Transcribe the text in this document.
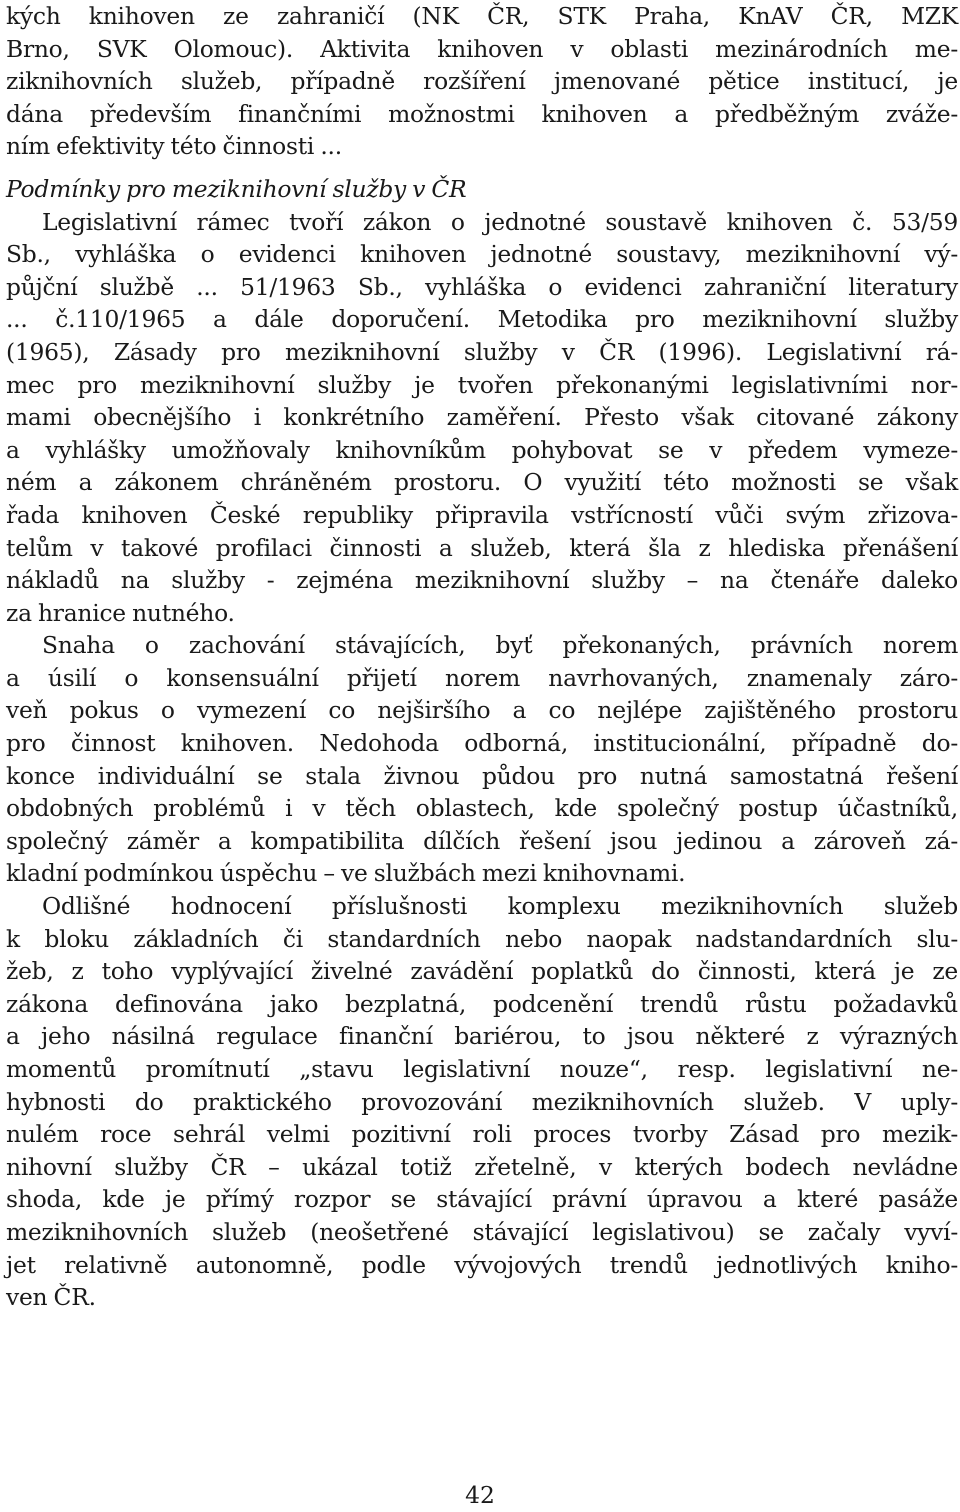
kých knihoven ze zahraničí (NK ČR, STK Praha, KnAV ČR, MZK
Brno, SVK Olomouc). Aktivita knihoven v oblasti mezinárodních me-
ziknihovních služeb, případně rozšíření jmenované pětice institucí, je
dána především finančními možnostmi knihoven a předběžným zváže-
ním efektivity této činnosti ...
Podmínky pro meziknihovní služby v ČR
Legislativní rámec tvoří zákon o jednotné soustavě knihoven č. 53/59
Sb., vyhláška o evidenci knihoven jednotné soustavy, meziknihovní vý-
půjční službě ... 51/1963 Sb., vyhláška o evidenci zahraniční literatury
... č.110/1965 a dále doporučení. Metodika pro meziknihovní služby
(1965), Zásady pro meziknihovní služby v ČR (1996). Legislativní rá-
mec pro meziknihovní služby je tvořen překonanými legislativními nor-
mami obecnějšího i konkrétního zaměření. Přesto však citované zákony
a vyhlášky umožňovaly knihovníkům pohybovat se v předem vymeze-
ném a zákonem chráněném prostoru. O využití této možnosti se však
řada knihoven České republiky připravila vstřícností vůči svým zřizova-
telům v takové profilaci činnosti a služeb, která šla z hlediska přenášení
nákladů na služby - zejména meziknihovní služby – na čtenáře daleko
za hranice nutného.
Snaha o zachování stávajících, byť překonaných, právních norem
a úsilí o konsensuální přijetí norem navrhovaných, znamenaly záro-
veň pokus o vymezení co nejširšího a co nejlépe zajištěného prostoru
pro činnost knihoven. Nedohoda odborná, institucionální, případně do-
konce individuální se stala živnou půdou pro nutná samostatná řešení
obdobných problémů i v těch oblastech, kde společný postup účastníků,
společný záměr a kompatibilita dílčích řešení jsou jedinou a zároveň zá-
kladní podmínkou úspěchu – ve službách mezi knihovnami.
Odlišné hodnocení příslušnosti komplexu meziknihovních služeb
k bloku základních či standardních nebo naopak nadstandardních slu-
žeb, z toho vyplývající živelné zavádění poplatků do činnosti, která je ze
zákona definována jako bezplatná, podcenění trendů růstu požadavků
a jeho násilná regulace finanční bariérou, to jsou některé z výrazných
momentů promítnutí „stavu legislativní nouze“, resp. legislativní ne-
hybnosti do praktického provozování meziknihovních služeb. V uply-
nulém roce sehrál velmi pozitivní roli proces tvorby Zásad pro mezik-
nihovní služby ČR – ukázal totiž zřetelně, v kterých bodech nevládne
shoda, kde je přímý rozpor se stávající právní úpravou a které pasáže
meziknihovních služeb (neošetřené stávající legislativou) se začaly vyví-
jet relativně autonomně, podle vývojových trendů jednotlivých kniho-
ven ČR.
42
